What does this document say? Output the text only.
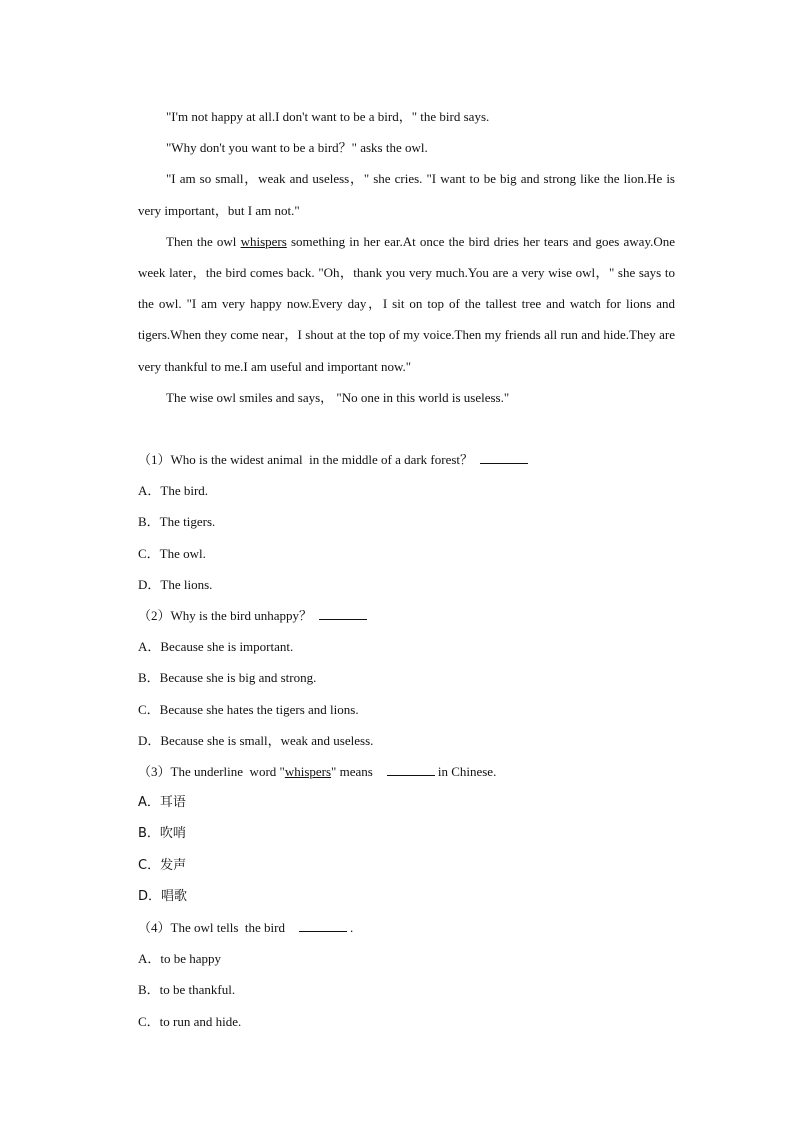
"I'm not happy at all.I don't want to be a bird，" the bird says.

"Why don't you want to be a bird？" asks the owl.

"I am so small，weak and useless，" she cries. "I want to be big and strong like the lion.He is very important，but I am not."

Then the owl whispers something in her ear.At once the bird dries her tears and goes away.One week later，the bird comes back. "Oh，thank you very much.You are a very wise owl，" she says to the owl. "I am very happy now.Every day，I sit on top of the tallest tree and watch for lions and tigers.When they come near，I shout at the top of my voice.Then my friends all run and hide.They are very thankful to me.I am useful and important now."

The wise owl smiles and says， "No one in this world is useless."

（1）Who is the widest animal  in the middle of a dark forest？

A．The bird.

B．The tigers.

C．The owl.

D．The lions.

（2）Why is the bird unhappy？

A．Because she is important.

B．Because she is big and strong.

C．Because she hates the tigers and lions.

D．Because she is small，weak and useless.

（3）The underline  word "whispers" means	in Chinese.

A．耳语

B．吹哨

C．发声

D．唱歌

（4）The owl tells  the bird	.

A．to be happy

B．to be thankful.

C．to run and hide.
